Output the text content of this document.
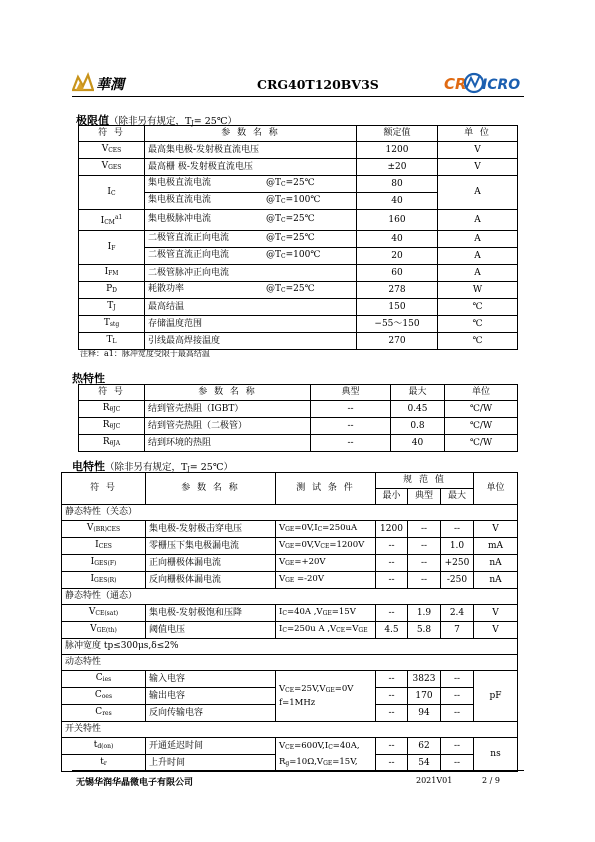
華潤	CRG40T120BV3S	CR ICRO
极限值（除非另有规定，$T_J=$ 25℃）
符 号	参 数 名 称	额定值	单 位
$V_{CES}$	最高集电极-发射极直流电压	1200	V
$V_{GES}$	最高栅 极-发射极直流电压	±20	V
$I_C$	集电极直流电流 $@T_C=25℃$	80	A
	集电极直流电流 $@T_C=100℃$	40	
$I_{CM}^{a1}$	集电极脉冲电流 $@T_C=25℃$	160	A
$I_F$	二极管直流正向电流 $@T_C=25℃$	40	A
	二极管直流正向电流 $@T_C=100℃$	20	A
$I_{FM}$	二极管脉冲正向电流	60	A
$P_D$	耗散功率 $@T_C=25℃$	278	W
$T_J$	最高结温	150	℃
$T_{stg}$	存储温度范围	−55～150	℃
$T_L$	引线最高焊接温度	270	℃
注释：a1：脉冲宽度受限于最高结温
热特性
符 号	参 数 名 称	典型	最大	单位
$R_{\theta JC}$	结到管壳热阻（IGBT）	--	0.45	℃/W
$R_{\theta JC}$	结到管壳热阻（二极管）	--	0.8	℃/W
$R_{\theta JA}$	结到环境的热阻	--	40	℃/W
电特性（除非另有规定，$T_J=$ 25℃）
符 号	参 数 名 称	测 试 条 件	规 范 值			单位
			最小	典型	最大	
静态特性（关态）						
$V_{(BR)CES}$	集电极-发射极击穿电压	$V_{GE}=0V,I_C=250uA$	1200	--	--	V
$I_{CES}$	零栅压下集电极漏电流	$V_{GE}=0V,V_{CE}=1200V$	--	--	1.0	mA
$I_{GES(F)}$	正向栅极体漏电流	$V_{GE}=+20V$	--	--	+250	nA
$I_{GES(R)}$	反向栅极体漏电流	$V_{GE} =-20V$	--	--	-250	nA
静态特性（通态）						
$V_{CE(sat)}$	集电极-发射极饱和压降	$I_C=40A$ $,V_{GE}=15V$	--	1.9	2.4	V
$V_{GE(th)}$	阈值电压	$I_C=250u$ A $,V_{CE}=V_{GE}$	4.5	5.8	7	V
脉冲宽度 tp≤300μs,δ≤2%						
动态特性						
$C_{ies}$	输入电容	$V_{CE}=25V,V_{GE}=0V$
f=1MHz	--	3823	--	pF
$C_{oes}$	输出电容		--	170	--	
$C_{res}$	反向传输电容		--	94	--	
开关特性						
$t_{d(on)}$	开通延迟时间	$V_{CE}=600V,I_C=40A$,
$R_g=10\Omega,V_{GE}=15V$,	--	62	--	ns
$t_r$	上升时间		--	54	--	
无锡华润华晶微电子有限公司	2021V01	2 / 9
